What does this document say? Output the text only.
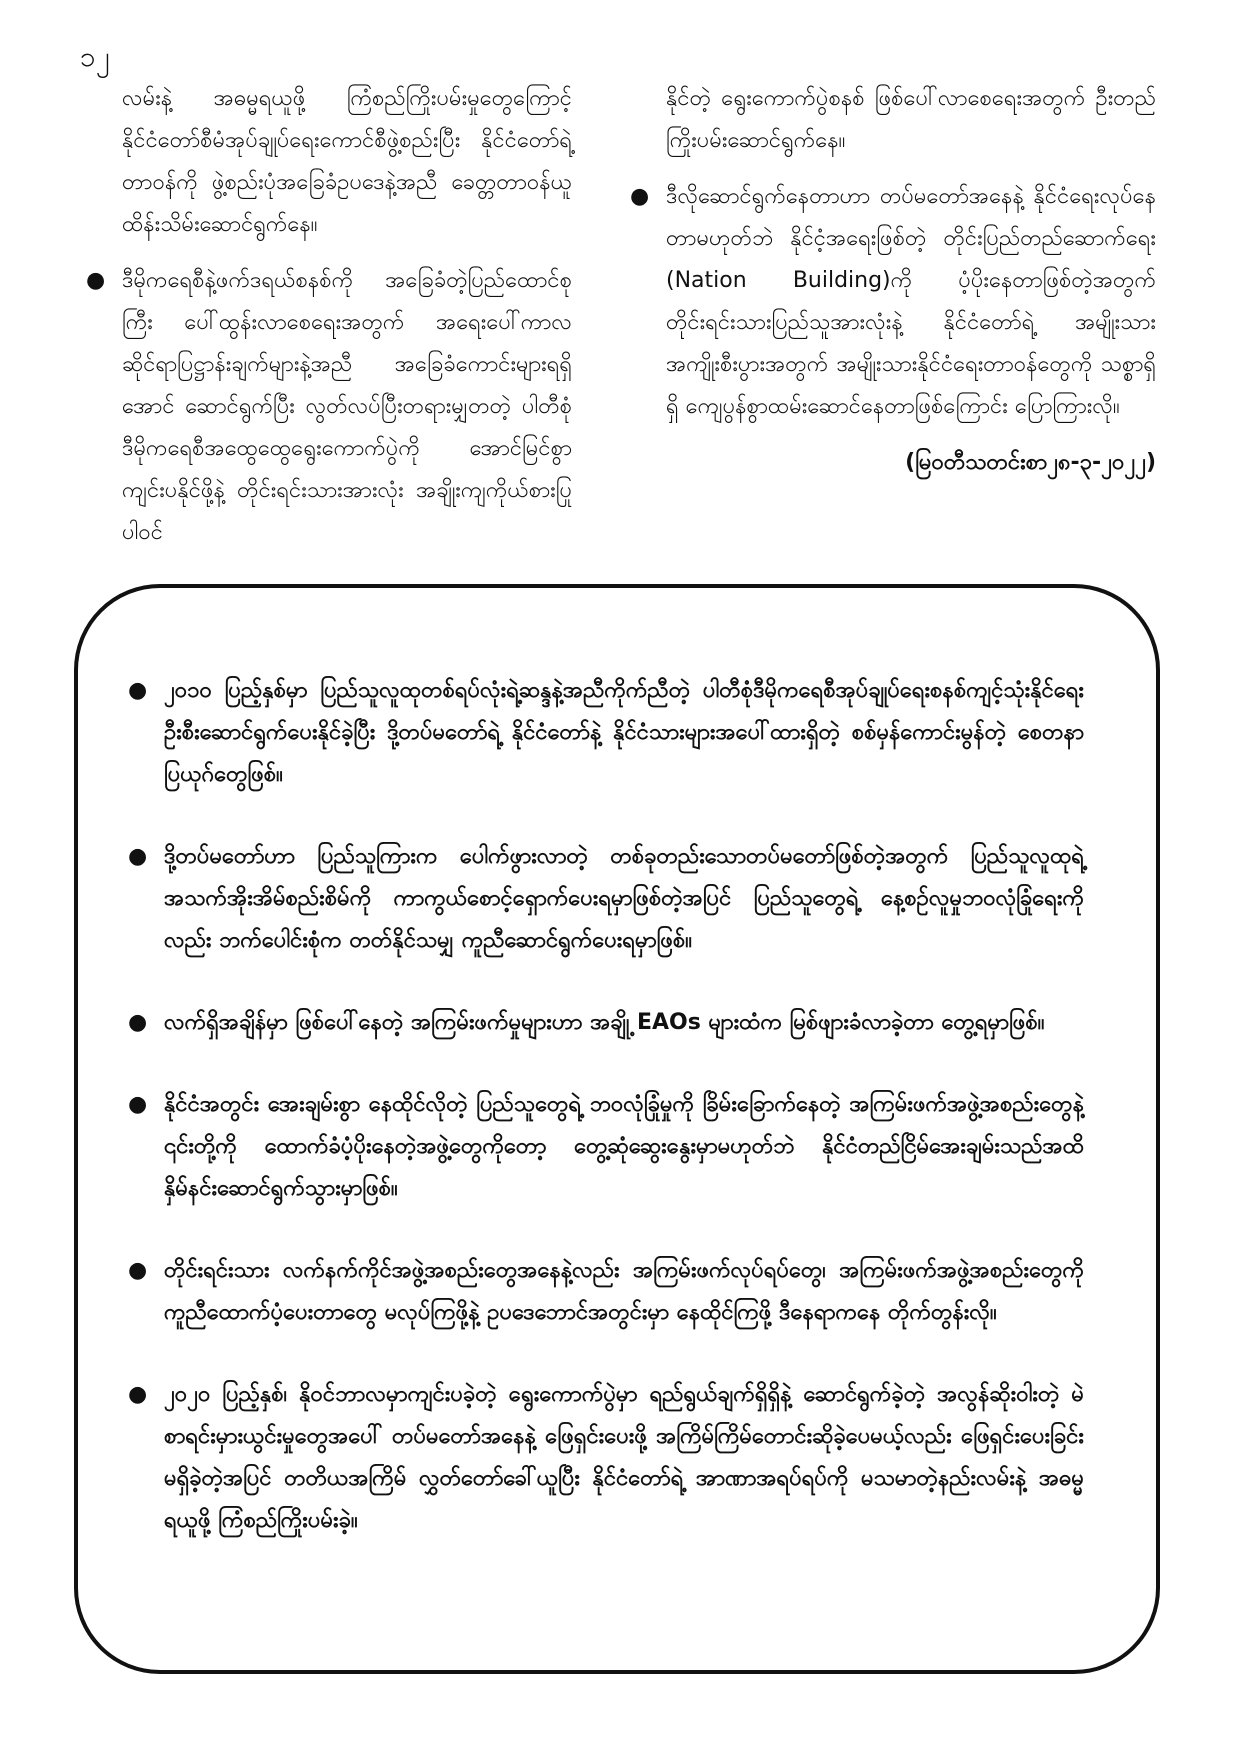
၁၂

လမ်းနဲ့ အဓမ္မရယူဖို့ ကြံစည်ကြိုးပမ်းမှုတွေကြောင့် နိုင်ငံတော်စီမံအုပ်ချုပ်ရေးကောင်စီဖွဲ့စည်းပြီး နိုင်ငံတော်ရဲ့ တာဝန်ကို ဖွဲ့စည်းပုံအခြေခံဥပဒေနဲ့အညီ ခေတ္တတာဝန်ယူ ထိန်းသိမ်းဆောင်ရွက်နေ။

● ဒီမိုကရေစီနဲ့ဖက်ဒရယ်စနစ်ကို အခြေခံတဲ့ပြည်ထောင်စုကြီး ပေါ်ထွန်းလာစေရေးအတွက် အရေးပေါ်ကာလဆိုင်ရာပြဋ္ဌာန်းချက်များနဲ့အညီ အခြေခံကောင်းများရရှိအောင် ဆောင်ရွက်ပြီး လွတ်လပ်ပြီးတရားမျှတတဲ့ ပါတီစုံဒီမိုကရေစီအထွေထွေရွေးကောက်ပွဲကို အောင်မြင်စွာကျင်းပနိုင်ဖို့နဲ့ တိုင်းရင်းသားအားလုံး အချိုးကျကိုယ်စားပြုပါဝင်

နိုင်တဲ့ ရွေးကောက်ပွဲစနစ် ဖြစ်ပေါ်လာစေရေးအတွက် ဦးတည်ကြိုးပမ်းဆောင်ရွက်နေ။

● ဒီလိုဆောင်ရွက်နေတာဟာ တပ်မတော်အနေနဲ့ နိုင်ငံရေးလုပ်နေတာမဟုတ်ဘဲ နိုင်ငံ့အရေးဖြစ်တဲ့ တိုင်းပြည်တည်ဆောက်ရေး (Nation Building)ကို ပံ့ပိုးနေတာဖြစ်တဲ့အတွက် တိုင်းရင်းသားပြည်သူအားလုံးနဲ့ နိုင်ငံတော်ရဲ့ အမျိုးသားအကျိုးစီးပွားအတွက် အမျိုးသားနိုင်ငံရေးတာဝန်တွေကို သစ္စာရှိရှိ ကျေပွန်စွာထမ်းဆောင်နေတာဖြစ်ကြောင်း ပြောကြားလို။
(မြဝတီသတင်းစာ၂၈-၃-၂၀၂၂)
● ၂၀၁၀ ပြည့်နှစ်မှာ ပြည်သူလူထုတစ်ရပ်လုံးရဲ့ဆန္ဒနဲ့အညီကိုက်ညီတဲ့ ပါတီစုံဒီမိုကရေစီအုပ်ချုပ်ရေးစနစ်ကျင့်သုံးနိုင်ရေး ဦးစီးဆောင်ရွက်ပေးနိုင်ခဲ့ပြီး ဒို့တပ်မတော်ရဲ့ နိုင်ငံတော်နဲ့ နိုင်ငံသားများအပေါ်ထားရှိတဲ့ စစ်မှန်ကောင်းမွန်တဲ့ စေတနာပြယုဂ်တွေဖြစ်။
● ဒို့တပ်မတော်ဟာ ပြည်သူကြားက ပေါက်ဖွားလာတဲ့ တစ်ခုတည်းသောတပ်မတော်ဖြစ်တဲ့အတွက် ပြည်သူလူထုရဲ့ အသက်အိုးအိမ်စည်းစိမ်ကို ကာကွယ်စောင့်ရှောက်ပေးရမှာဖြစ်တဲ့အပြင် ပြည်သူတွေရဲ့ နေ့စဉ်လူမှုဘဝလုံခြုံရေးကိုလည်း ဘက်ပေါင်းစုံက တတ်နိုင်သမျှ ကူညီဆောင်ရွက်ပေးရမှာဖြစ်။
● လက်ရှိအချိန်မှာ ဖြစ်ပေါ်နေတဲ့ အကြမ်းဖက်မှုများဟာ အချို့ EAOs များထံက မြစ်ဖျားခံလာခဲ့တာ တွေ့ရမှာဖြစ်။
● နိုင်ငံအတွင်း အေးချမ်းစွာ နေထိုင်လိုတဲ့ ပြည်သူတွေရဲ့ ဘဝလုံခြုံမှုကို ခြိမ်းခြောက်နေတဲ့ အကြမ်းဖက်အဖွဲ့အစည်းတွေနဲ့ ၎င်းတို့ကို ထောက်ခံပံ့ပိုးနေတဲ့အဖွဲ့တွေကိုတော့ တွေ့ဆုံဆွေးနွေးမှာမဟုတ်ဘဲ နိုင်ငံတည်ငြိမ်အေးချမ်းသည်အထိ နှိမ်နင်းဆောင်ရွက်သွားမှာဖြစ်။
● တိုင်းရင်းသား လက်နက်ကိုင်အဖွဲ့အစည်းတွေအနေနဲ့လည်း အကြမ်းဖက်လုပ်ရပ်တွေ၊ အကြမ်းဖက်အဖွဲ့အစည်းတွေကို ကူညီထောက်ပံ့ပေးတာတွေ မလုပ်ကြဖို့နဲ့ ဥပဒေဘောင်အတွင်းမှာ နေထိုင်ကြဖို့ ဒီနေရာကနေ တိုက်တွန်းလို။
● ၂၀၂၀ ပြည့်နှစ်၊ နိုဝင်ဘာလမှာကျင်းပခဲ့တဲ့ ရွေးကောက်ပွဲမှာ ရည်ရွယ်ချက်ရှိရှိနဲ့ ဆောင်ရွက်ခဲ့တဲ့ အလွန်ဆိုးဝါးတဲ့ မဲစာရင်းမှားယွင်းမှုတွေအပေါ် တပ်မတော်အနေနဲ့ ဖြေရှင်းပေးဖို့ အကြိမ်ကြိမ်တောင်းဆိုခဲ့ပေမယ့်လည်း ဖြေရှင်းပေးခြင်းမရှိခဲ့တဲ့အပြင် တတိယအကြိမ် လွှတ်တော်ခေါ်ယူပြီး နိုင်ငံတော်ရဲ့ အာဏာအရပ်ရပ်ကို မသမာတဲ့နည်းလမ်းနဲ့ အဓမ္မရယူဖို့ ကြံစည်ကြိုးပမ်းခဲ့။
